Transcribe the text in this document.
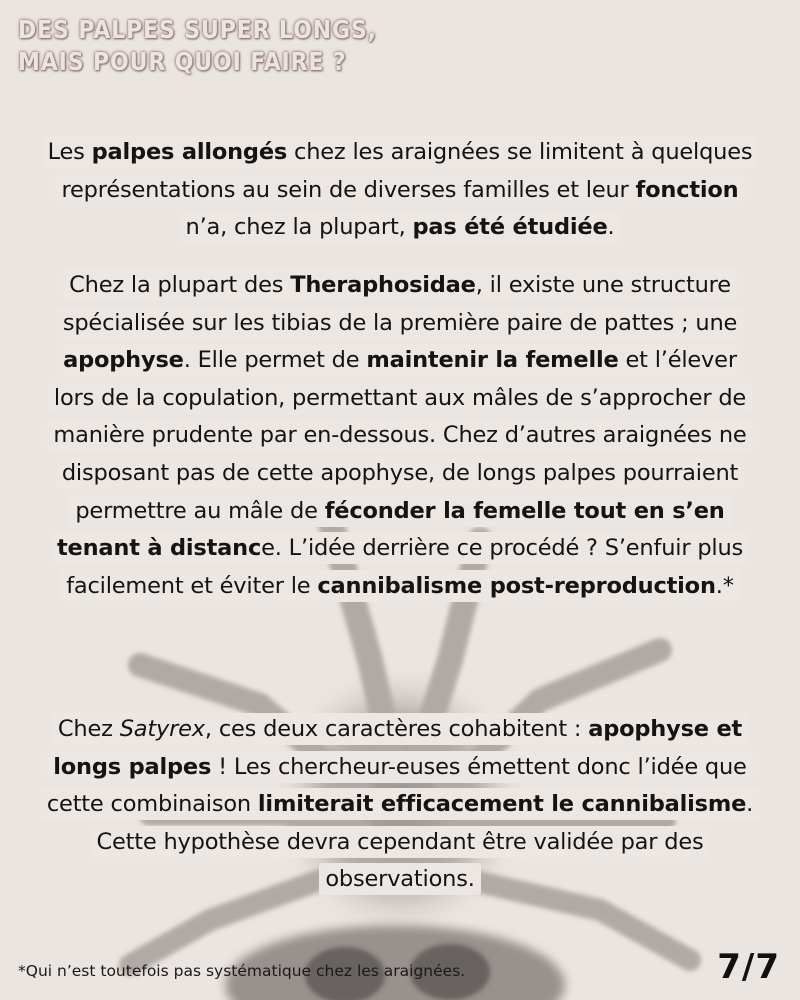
DES PALPES SUPER LONGS,
MAIS POUR QUOI FAIRE ?

Les palpes allongés chez les araignées se limitent à quelques représentations au sein de diverses familles et leur fonction n’a, chez la plupart, pas été étudiée.

Chez la plupart des Theraphosidae, il existe une structure spécialisée sur les tibias de la première paire de pattes ; une apophyse. Elle permet de maintenir la femelle et l’élever lors de la copulation, permettant aux mâles de s’approcher de manière prudente par en-dessous. Chez d’autres araignées ne disposant pas de cette apophyse, de longs palpes pourraient permettre au mâle de féconder la femelle tout en s’en tenant à distance. L’idée derrière ce procédé ? S’enfuir plus facilement et éviter le cannibalisme post-reproduction.*

Chez Satyrex, ces deux caractères cohabitent : apophyse et longs palpes ! Les chercheur-euses émettent donc l’idée que cette combinaison limiterait efficacement le cannibalisme. Cette hypothèse devra cependant être validée par des observations.

*Qui n’est toutefois pas systématique chez les araignées.	7/7
